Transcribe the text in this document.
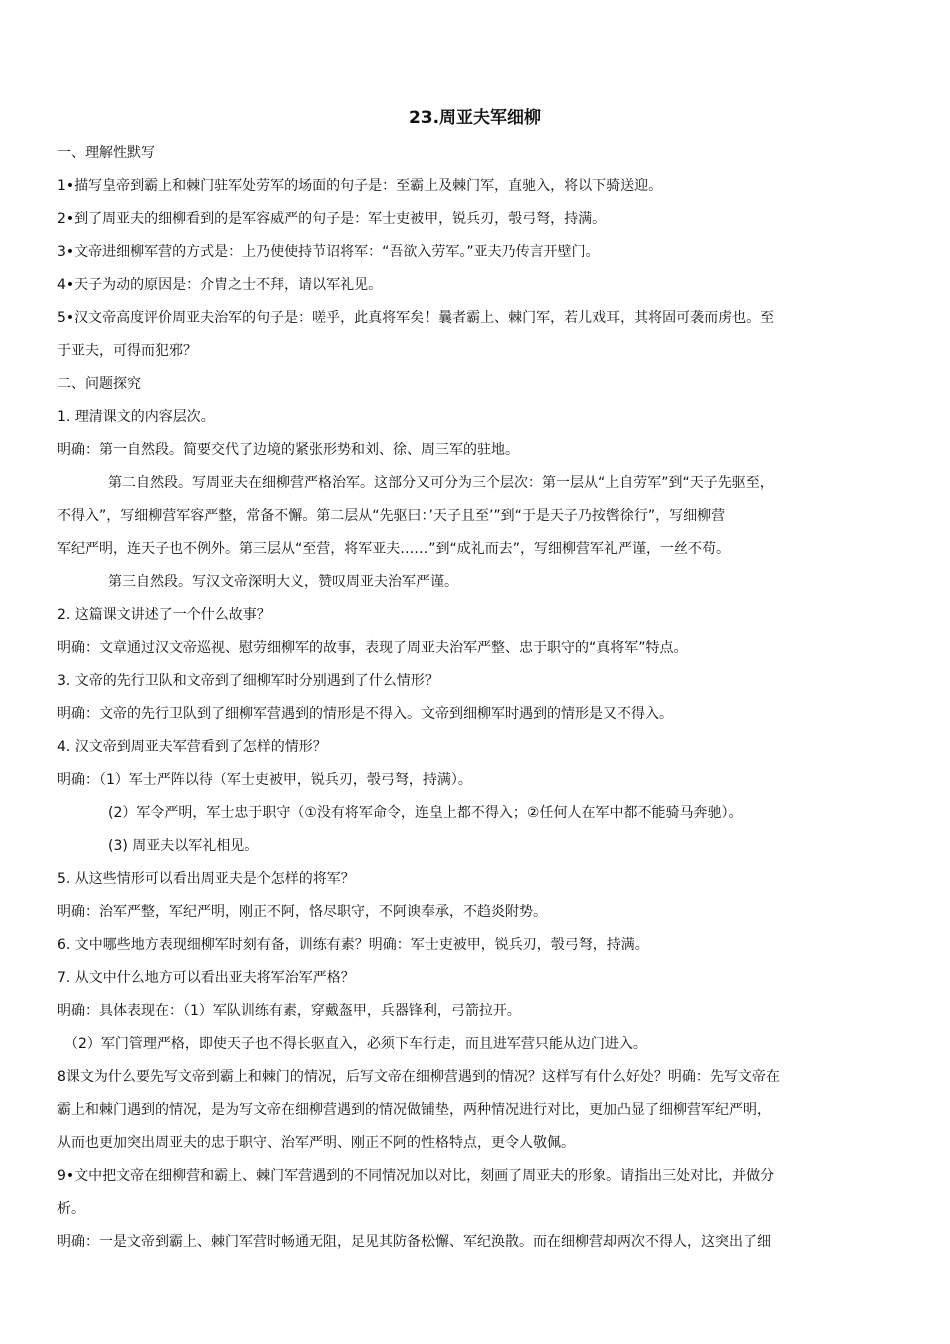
23.周亚夫军细柳
一、理解性默写
1•描写皇帝到霸上和棘门驻军处劳军的场面的句子是：至霸上及棘门军，直驰入，将以下骑送迎。
2•到了周亚夫的细柳看到的是军容威严的句子是：军士吏被甲，锐兵刃，彀弓弩，持满。
3•文帝进细柳军营的方式是：上乃使使持节诏将军：“吾欲入劳军。”亚夫乃传言开壁门。
4•天子为动的原因是：介胄之士不拜，请以军礼见。
5•汉文帝高度评价周亚夫治军的句子是：嗟乎，此真将军矣！曩者霸上、棘门军，若儿戏耳，其将固可袭而虏也。至
于亚夫，可得而犯邪？
二、问题探究
1. 理清课文的内容层次。
明确：第一自然段。简要交代了边境的紧张形势和刘、徐、周三军的驻地。
第二自然段。写周亚夫在细柳营严格治军。这部分又可分为三个层次：第一层从“上自劳军”到“天子先驱至，
不得入”，写细柳营军容严整，常备不懈。第二层从“先驱曰：’天子且至’”到“于是天子乃按辔徐行”，写细柳营
军纪严明，连天子也不例外。第三层从“至营，将军亚夫……”到“成礼而去”，写细柳营军礼严谨，一丝不苟。
第三自然段。写汉文帝深明大义，赞叹周亚夫治军严谨。
2. 这篇课文讲述了一个什么故事？
明确：文章通过汉文帝巡视、慰劳细柳军的故事，表现了周亚夫治军严整、忠于职守的“真将军”特点。
3. 文帝的先行卫队和文帝到了细柳军时分别遇到了什么情形？
明确：文帝的先行卫队到了细柳军营遇到的情形是不得入。文帝到细柳军时遇到的情形是又不得入。
4. 汉文帝到周亚夫军营看到了怎样的情形？
明确：（1）军士严阵以待（军士吏被甲，锐兵刃，彀弓弩，持满）。
(2）军令严明，军士忠于职守（①没有将军命令，连皇上都不得入；②任何人在军中都不能骑马奔驰）。
(3) 周亚夫以军礼相见。
5. 从这些情形可以看出周亚夫是个怎样的将军？
明确：治军严整，军纪严明，刚正不阿，恪尽职守，不阿谀奉承，不趋炎附势。
6. 文中哪些地方表现细柳军时刻有备，训练有素？明确：军士吏被甲，锐兵刃，彀弓弩，持满。
7. 从文中什么地方可以看出亚夫将军治军严格？
明确：具体表现在：（1）军队训练有素，穿戴盔甲，兵器锋利，弓箭拉开。
（2）军门管理严格，即使天子也不得长驱直入，必须下车行走，而且进军营只能从边门进入。
8课文为什么要先写文帝到霸上和棘门的情况，后写文帝在细柳营遇到的情况？这样写有什么好处？明确：先写文帝在
霸上和棘门遇到的情况，是为写文帝在细柳营遇到的情况做铺垫，两种情况进行对比，更加凸显了细柳营军纪严明，
从而也更加突出周亚夫的忠于职守、治军严明、刚正不阿的性格特点，更令人敬佩。
9•文中把文帝在细柳营和霸上、棘门军营遇到的不同情况加以对比，刻画了周亚夫的形象。请指出三处对比，并做分
析。
明确：一是文帝到霸上、棘门军营时畅通无阻，足见其防备松懈、军纪涣散。而在细柳营却两次不得人，这突出了细
